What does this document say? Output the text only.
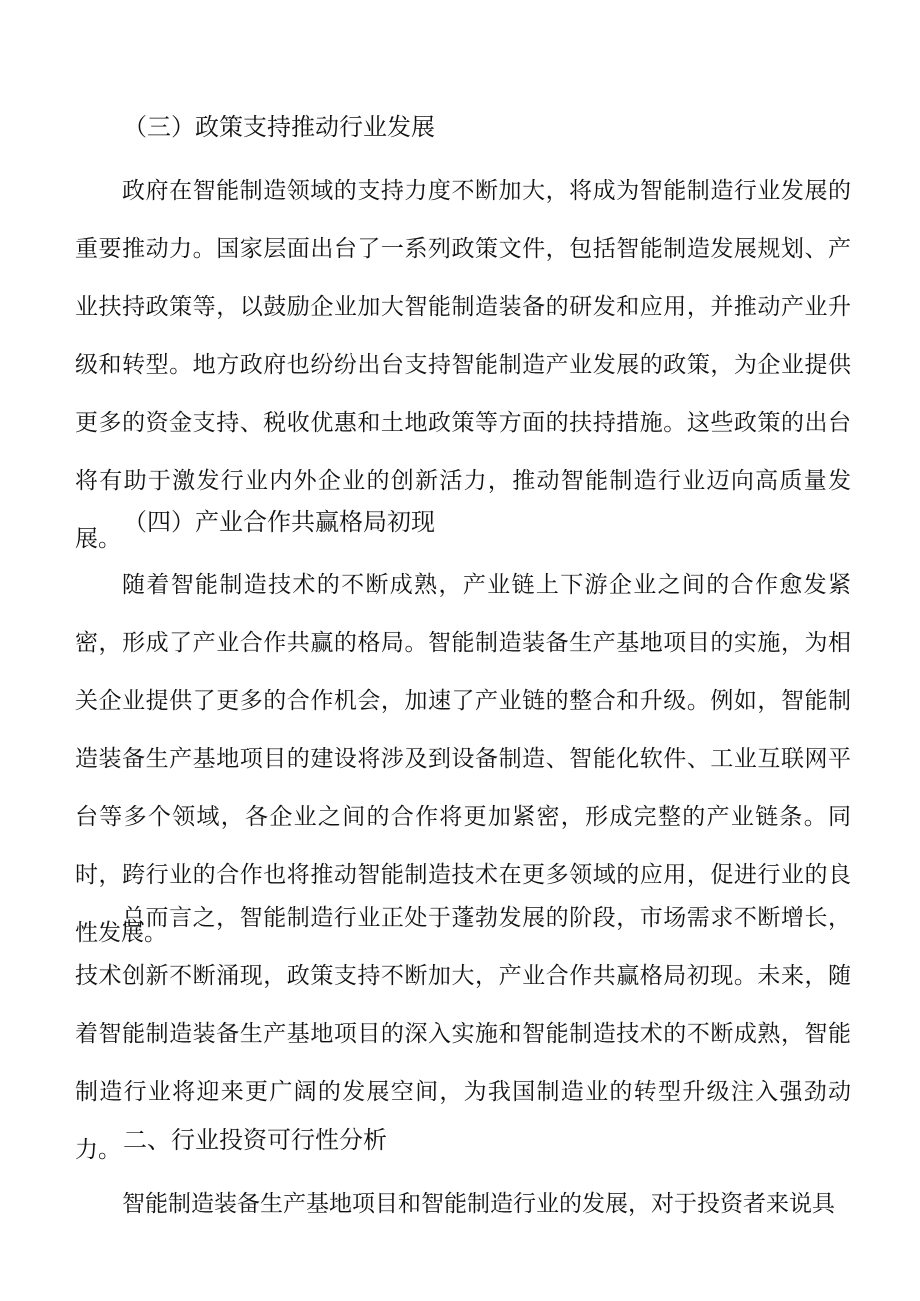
（三）政策支持推动行业发展

政府在智能制造领域的支持力度不断加大，将成为智能制造行业发展的重要推动力。国家层面出台了一系列政策文件，包括智能制造发展规划、产业扶持政策等，以鼓励企业加大智能制造装备的研发和应用，并推动产业升级和转型。地方政府也纷纷出台支持智能制造产业发展的政策，为企业提供更多的资金支持、税收优惠和土地政策等方面的扶持措施。这些政策的出台将有助于激发行业内外企业的创新活力，推动智能制造行业迈向高质量发展。

（四）产业合作共赢格局初现

随着智能制造技术的不断成熟，产业链上下游企业之间的合作愈发紧密，形成了产业合作共赢的格局。智能制造装备生产基地项目的实施，为相关企业提供了更多的合作机会，加速了产业链的整合和升级。例如，智能制造装备生产基地项目的建设将涉及到设备制造、智能化软件、工业互联网平台等多个领域，各企业之间的合作将更加紧密，形成完整的产业链条。同时，跨行业的合作也将推动智能制造技术在更多领域的应用，促进行业的良性发展。

总而言之，智能制造行业正处于蓬勃发展的阶段，市场需求不断增长，技术创新不断涌现，政策支持不断加大，产业合作共赢格局初现。未来，随着智能制造装备生产基地项目的深入实施和智能制造技术的不断成熟，智能制造行业将迎来更广阔的发展空间，为我国制造业的转型升级注入强劲动力。 二、行业投资可行性分析

智能制造装备生产基地项目和智能制造行业的发展，对于投资者来说具
